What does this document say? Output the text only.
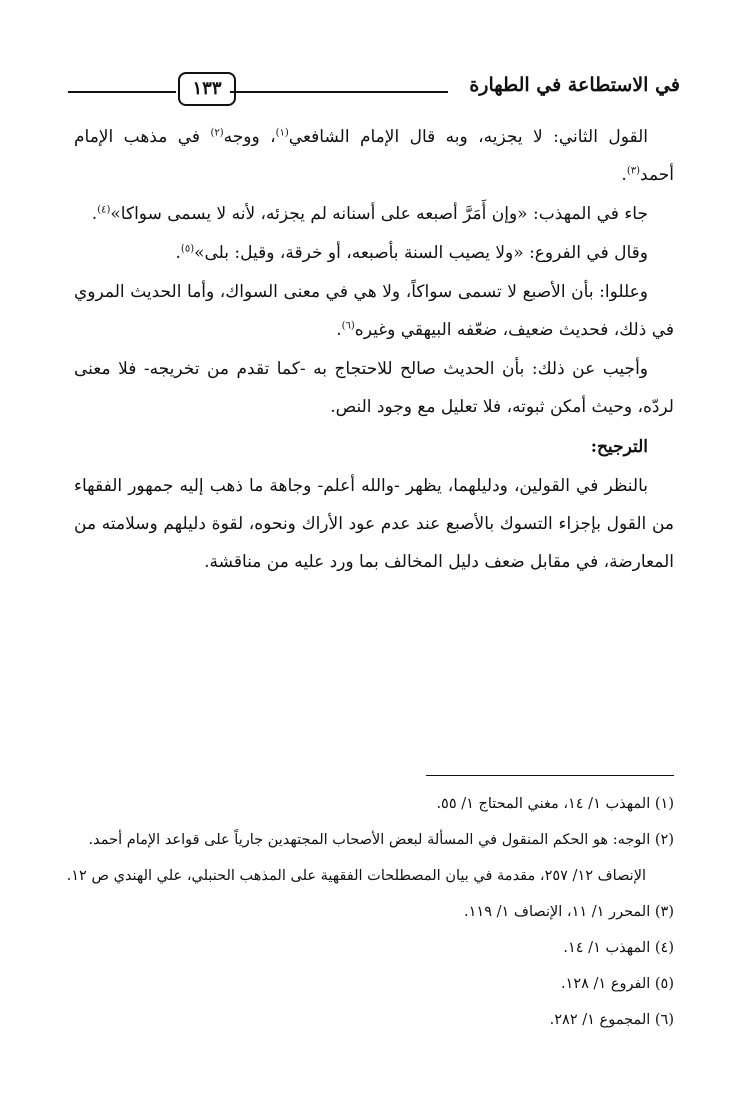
في الاستطاعة في الطهارة
١٣٣

القول الثاني: لا يجزيه، وبه قال الإمام الشافعي$^{(١)}$، ووجه$^{(٢)}$ في مذهب الإمام أحمد$^{(٣)}$.

جاء في المهذب: «وإن أَمَرَّ أصبعه على أسنانه لم يجزئه، لأنه لا يسمى سواكا»$^{(٤)}$.

وقال في الفروع: «ولا يصيب السنة بأصبعه، أو خرقة، وقيل: بلى»$^{(٥)}$.

وعللوا: بأن الأصبع لا تسمى سواكاً، ولا هي في معنى السواك، وأما الحديث المروي في ذلك، فحديث ضعيف، ضعّفه البيهقي وغيره$^{(٦)}$.

وأجيب عن ذلك: بأن الحديث صالح للاحتجاج به -كما تقدم من تخريجه- فلا معنى لردّه، وحيث أمكن ثبوته، فلا تعليل مع وجود النص.

الترجيح:

بالنظر في القولين، ودليلهما، يظهر -والله أعلم- وجاهة ما ذهب إليه جمهور الفقهاء من القول بإجزاء التسوك بالأصبع عند عدم عود الأراك ونحوه، لقوة دليلهم وسلامته من المعارضة، في مقابل ضعف دليل المخالف بما ورد عليه من مناقشة.

(١) المهذب ١/ ١٤، مغني المحتاج ١/ ٥٥.

(٢) الوجه: هو الحكم المنقول في المسألة لبعض الأصحاب المجتهدين جارياً على قواعد الإمام أحمد.

الإنصاف ١٢/ ٢٥٧، مقدمة في بيان المصطلحات الفقهية على المذهب الحنبلي، علي الهندي ص ١٢.

(٣) المحرر ١/ ١١، الإنصاف ١/ ١١٩.

(٤) المهذب ١/ ١٤.

(٥) الفروع ١/ ١٢٨.

(٦) المجموع ١/ ٢٨٢.
